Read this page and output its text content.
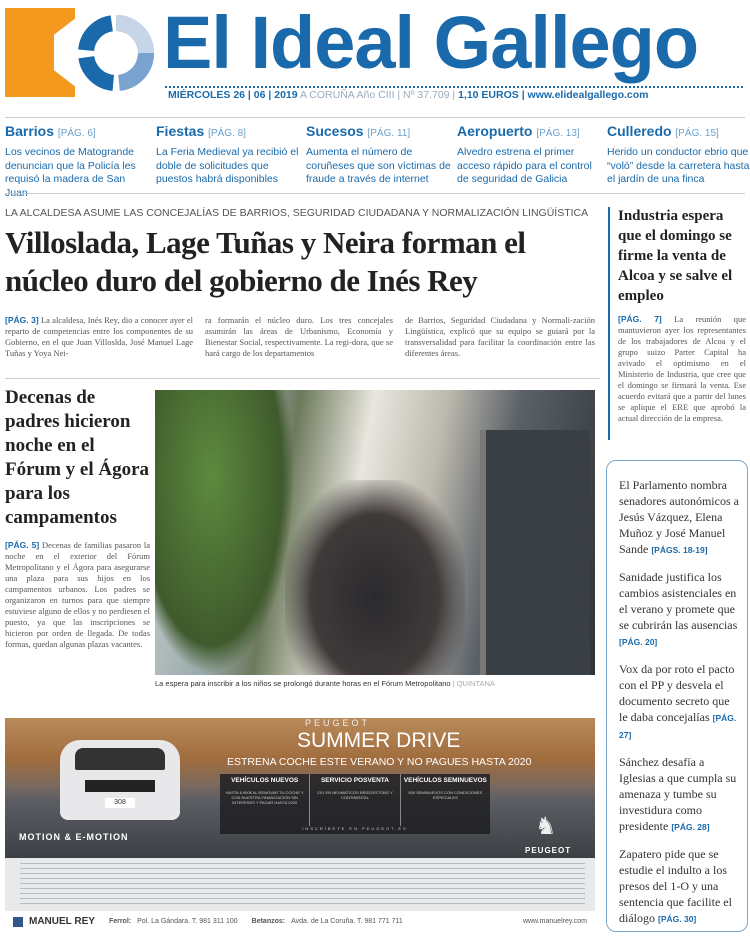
El Ideal Gallego
MIÉRCOLES 26 | 06 | 2019 A CORUÑA Año CIII | Nº 37.709 | 1,10 EUROS | www.elidealgallego.com
Barrios [PÁG. 6]

Los vecinos de Matogrande denuncian que la Policía les requisó la madera de San Juan

Fiestas [PÁG. 8]

La Feria Medieval ya recibió el doble de solicitudes que puestos habrá disponibles

Sucesos [PÁG. 11]

Aumenta el número de coruñeses que son víctimas de fraude a través de internet

Aeropuerto [PÁG. 13]

Alvedro estrena el primer acceso rápido para el control de seguridad de Galicia

Culleredo [PÁG. 15]

Herido un conductor ebrio que “voló” desde la carretera hasta el jardín de una finca

LA ALCALDESA ASUME LAS CONCEJALÍAS DE BARRIOS, SEGURIDAD CIUDADANA Y NORMALIZACIÓN LINGÜÍSTICA
Villoslada, Lage Tuñas y Neira forman el núcleo duro del gobierno de Inés Rey
[PÁG. 3] La alcaldesa, Inés Rey, dio a conocer ayer el reparto de competencias entre los componentes de su Gobierno, en el que Juan Villoslda, José Manuel Lage Tuñas y Yoya Nei-
ra formarán el núcleo duro. Los tres concejales asumirán las áreas de Urbanismo, Economía y Bienestar Social, respectivamente. La regi-dora, que se hará cargo de los departamentos
de Barrios, Seguridad Ciudadana y Normali-zación Lingüística, explicó que su equipo se guiará por la transversalidad para facilitar la coordinación entre las diferentes áreas.
Industria espera que el domingo se firme la venta de Alcoa y se salve el empleo
[PÁG. 7] La reunión que mantuvieron ayer los representantes de los trabajadores de Alcoa y el grupo suizo Parter Capital ha avivado el optimismo en el Ministerio de Industria, que cree que el domingo se firmará la venta. Ese acuerdo evitará que a partir del lunes se aplique el ERE que aprobó la actual dirección de la empresa.
Decenas de padres hicieron noche en el Fórum y el Ágora para los campamentos
[PÁG. 5] Decenas de familias pasaron la noche en el exterior del Fórum Metropolitano y el Ágora para asegurarse una plaza para sus hijos en los campamentos urbanos. Los padres se organizaron en turnos para que siempre estuviese alguno de ellos y no perdiesen el puesto, ya que las inscripciones se hicieron por orden de llegada. De todas formas, quedan algunas plazas vacantes.
La espera para inscribir a los niños se prolongó durante horas en el Fórum Metropolitano | QUINTANA
El Parlamento nombra senadores autonómicos a Jesús Vázquez, Elena Muñoz y José Manuel Sande [PÁGS. 18-19]
Sanidade justifica los cambios asistenciales en el verano y promete que se cubrirán las ausencias [PÁG. 20]
Vox da por roto el pacto con el PP y desvela el documento secreto que le daba concejalías [PÁG. 27]
Sánchez desafía a Iglesias a que cumpla su amenaza y tumbe su investidura como presidente [PÁG. 28]
Zapatero pide que se estudie el indulto a los presos del 1-O y una sentencia que facilite el diálogo [PÁG. 30]
308
MOTION & E-MOTION
PEUGEOT
SUMMER DRIVE
ESTRENA COCHE ESTE VERANO Y NO PAGUES HASTA 2020
VEHÍCULOS NUEVOS
HASTA 6.900€ AL RENOVAR TU COCHE Y CON NUESTRA FINANCIACIÓN SIN INTERESES Y PAGAR HASTA 2020
SERVICIO POSVENTA
2X1 EN NEUMÁTICOS BRIDGESTONE Y CONTINENTAL
VEHÍCULOS SEMINUEVOS
500 SEMINUEVOS CON CONDICIONES ESPECIALES
INSCRÍBETE EN PEUGEOT.ES	♞
PEUGEOT
MANUEL REY Ferrol: Pol. La Gándara. T. 981 311 100 Betanzos: Avda. de La Coruña. T. 981 771 711	www.manuelrey.com
